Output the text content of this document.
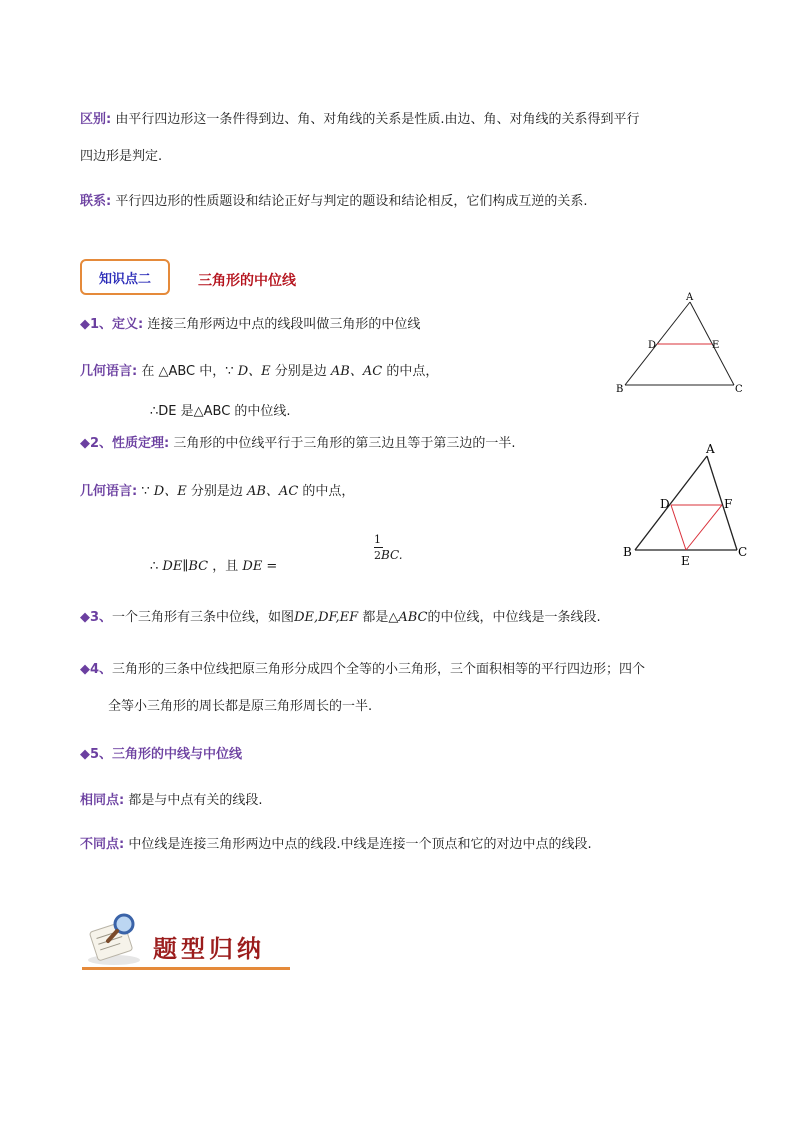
区别: 由平行四边形这一条件得到边、角、对角线的关系是性质.由边、角、对角线的关系得到平行
四边形是判定.
联系: 平行四边形的性质题设和结论正好与判定的题设和结论相反，它们构成互逆的关系.
知识点二	三角形的中位线
◆1、定义: 连接三角形两边中点的线段叫做三角形的中位线
几何语言: 在 △ABC 中，∵ D、E 分别是边 AB、AC 的中点，
∴DE 是△ABC 的中位线.
◆2、性质定理: 三角形的中位线平行于三角形的第三边且等于第三边的一半.
几何语言: ∵ D、E 分别是边 AB、AC 的中点，
∴ DE∥BC ，且 DE =
1
2BC.
◆3、一个三角形有三条中位线，如图DE,DF,EF 都是△ABC的中位线，中位线是一条线段.
◆4、三角形的三条中位线把原三角形分成四个全等的小三角形，三个面积相等的平行四边形；四个
全等小三角形的周长都是原三角形周长的一半.
◆5、三角形的中线与中位线
相同点: 都是与中点有关的线段.
不同点: 中位线是连接三角形两边中点的线段.中线是连接一个顶点和它的对边中点的线段.
A
B	C
D	E
A
B	C
D
E
F
题型归纳
